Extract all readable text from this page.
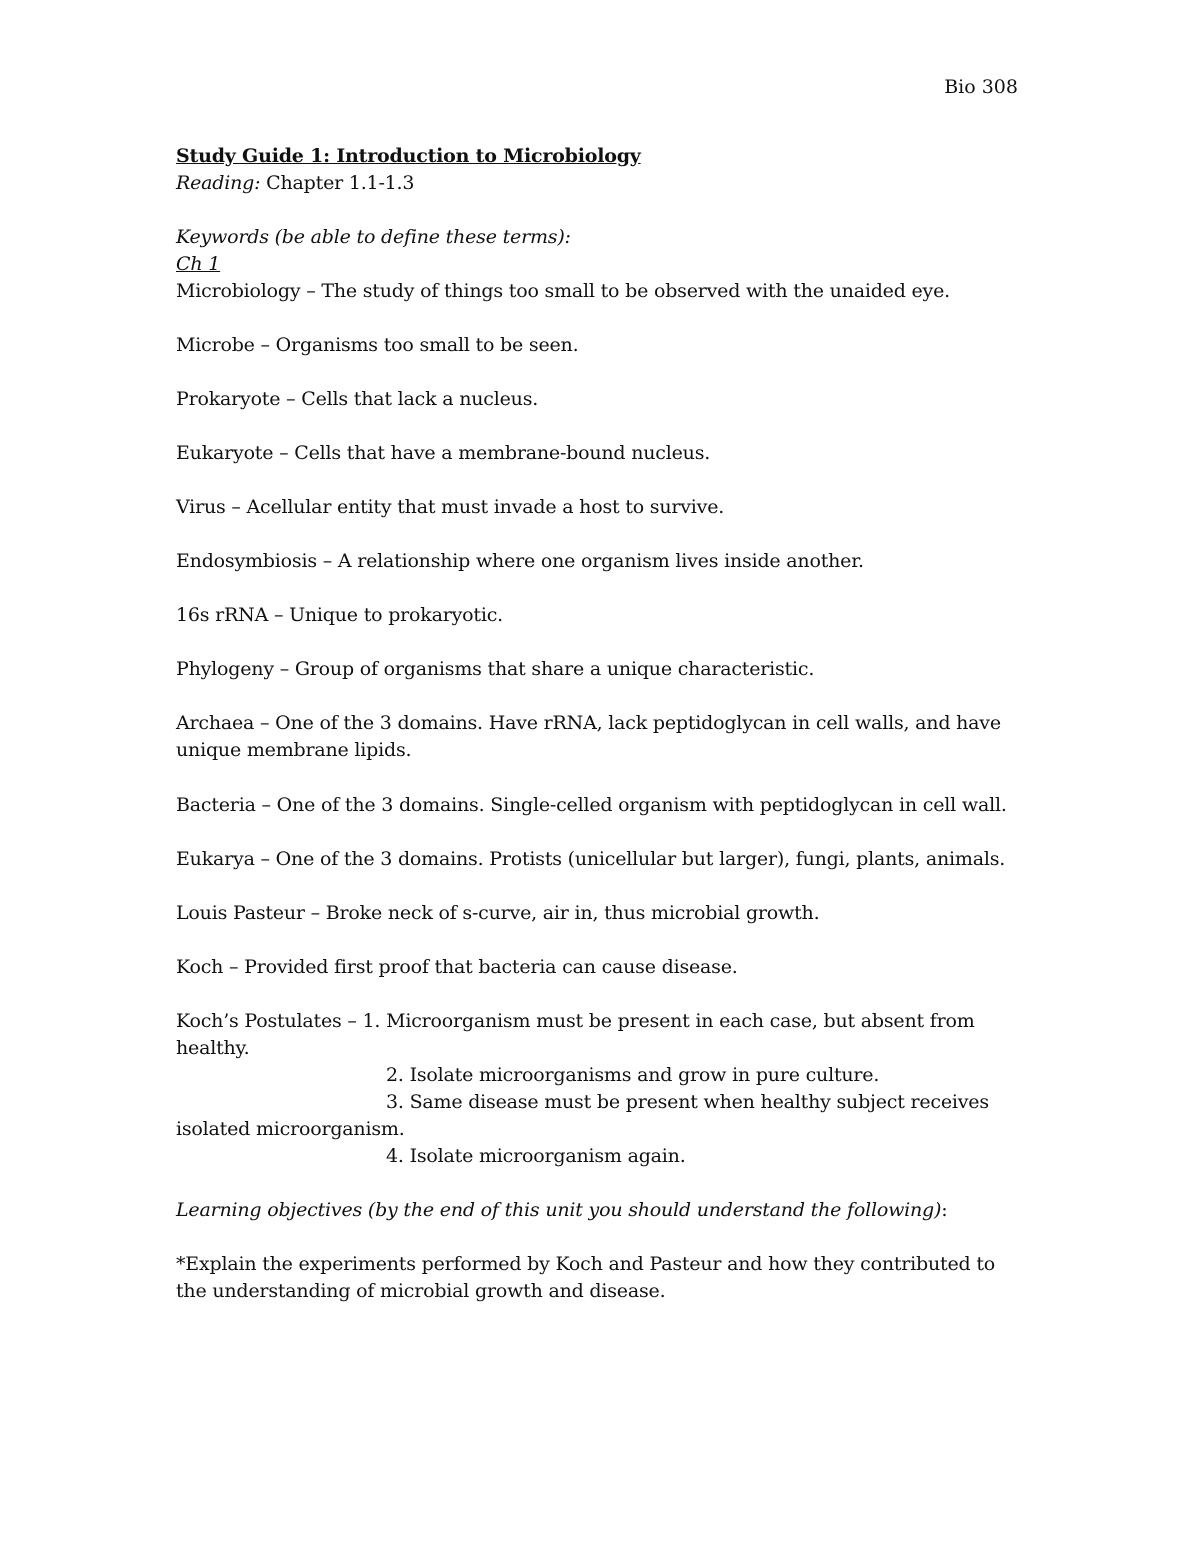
Bio 308
Study Guide 1: Introduction to Microbiology
Reading: Chapter 1.1-1.3
Keywords (be able to define these terms):
Ch 1
Microbiology – The study of things too small to be observed with the unaided eye.
Microbe – Organisms too small to be seen.
Prokaryote – Cells that lack a nucleus.
Eukaryote – Cells that have a membrane-bound nucleus.
Virus – Acellular entity that must invade a host to survive.
Endosymbiosis – A relationship where one organism lives inside another.
16s rRNA – Unique to prokaryotic.
Phylogeny – Group of organisms that share a unique characteristic.
Archaea – One of the 3 domains. Have rRNA, lack peptidoglycan in cell walls, and have
unique membrane lipids.
Bacteria – One of the 3 domains. Single-celled organism with peptidoglycan in cell wall.
Eukarya – One of the 3 domains. Protists (unicellular but larger), fungi, plants, animals.
Louis Pasteur – Broke neck of s-curve, air in, thus microbial growth.
Koch – Provided first proof that bacteria can cause disease.
Koch’s Postulates – 1. Microorganism must be present in each case, but absent from
healthy.
2. Isolate microorganisms and grow in pure culture.
3. Same disease must be present when healthy subject receives
isolated microorganism.
4. Isolate microorganism again.
Learning objectives (by the end of this unit you should understand the following):
*Explain the experiments performed by Koch and Pasteur and how they contributed to
the understanding of microbial growth and disease.
